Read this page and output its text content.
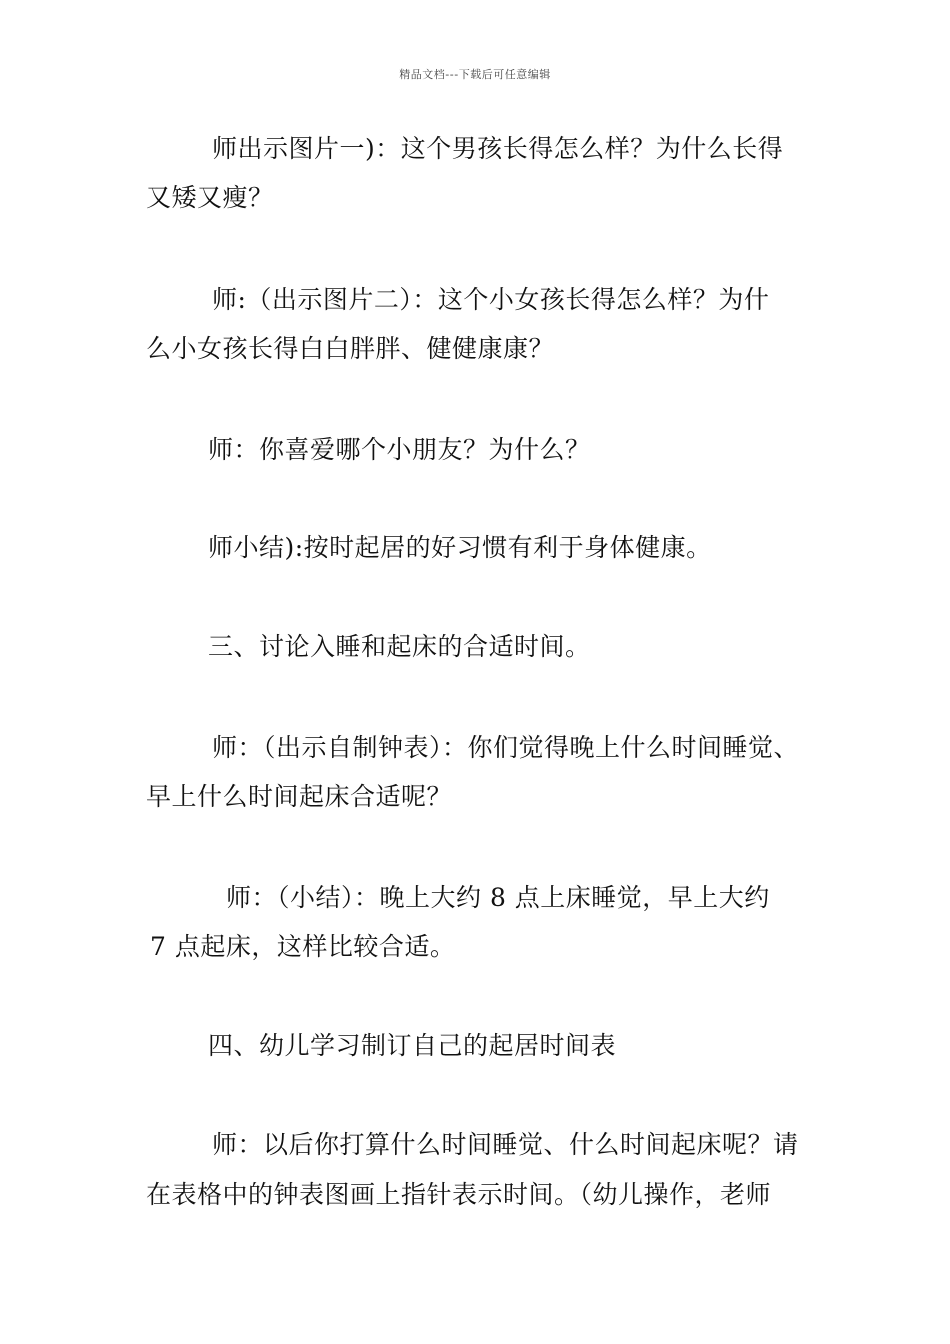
精品文档---下载后可任意编辑
师出示图片一)：这个男孩长得怎么样？为什么长得
又矮又瘦？
师:（出示图片二）：这个小女孩长得怎么样？为什
么小女孩长得白白胖胖、健健康康？
师：你喜爱哪个小朋友？为什么？
师小结):按时起居的好习惯有利于身体健康。
三、讨论入睡和起床的合适时间。
师：（出示自制钟表）：你们觉得晚上什么时间睡觉、
早上什么时间起床合适呢？
师：（小结）：晚上大约 8 点上床睡觉，早上大约
7 点起床，这样比较合适。
四、幼儿学习制订自己的起居时间表
师：以后你打算什么时间睡觉、什么时间起床呢？请
在表格中的钟表图画上指针表示时间。（幼儿操作，老师
